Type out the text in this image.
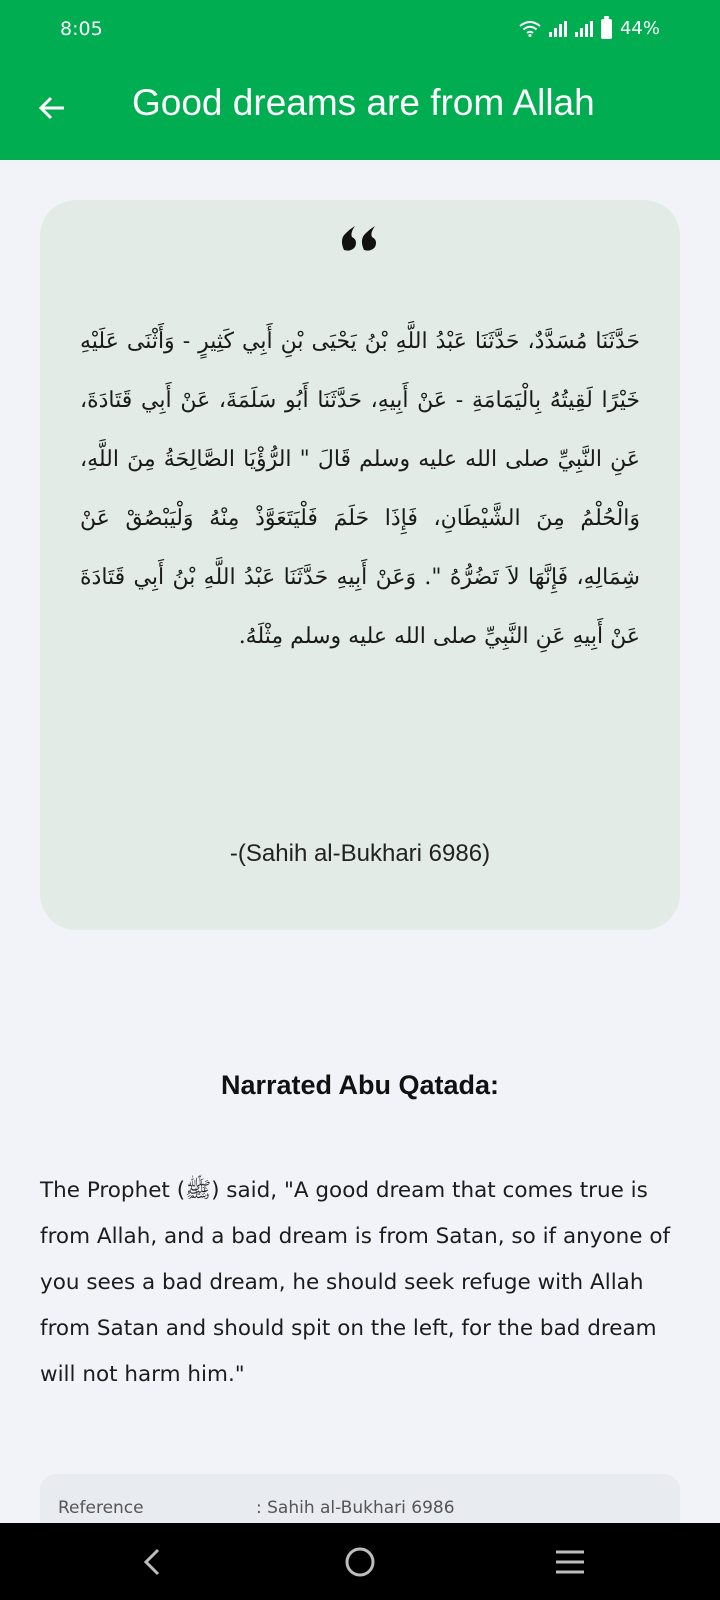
8:05	44%
Good dreams are from Allah
حَدَّثَنَا مُسَدَّدٌ، حَدَّثَنَا عَبْدُ اللَّهِ بْنُ يَحْيَى بْنِ أَبِي كَثِيرٍ - وَأَثْنَى عَلَيْهِ خَيْرًا لَقِيتُهُ بِالْيَمَامَةِ - عَنْ أَبِيهِ، حَدَّثَنَا أَبُو سَلَمَةَ، عَنْ أَبِي قَتَادَةَ، عَنِ النَّبِيِّ صلى الله عليه وسلم قَالَ " الرُّؤْيَا الصَّالِحَةُ مِنَ اللَّهِ، وَالْحُلْمُ مِنَ الشَّيْطَانِ، فَإِذَا حَلَمَ فَلْيَتَعَوَّذْ مِنْهُ وَلْيَبْصُقْ عَنْ شِمَالِهِ، فَإِنَّهَا لاَ تَضُرُّهُ ". وَعَنْ أَبِيهِ حَدَّثَنَا عَبْدُ اللَّهِ بْنُ أَبِي قَتَادَةَ عَنْ أَبِيهِ عَنِ النَّبِيِّ صلى الله عليه وسلم مِثْلَهُ.
-(Sahih al-Bukhari 6986)
Narrated Abu Qatada:
The Prophet (ﷺ) said, "A good dream that comes true is from Allah, and a bad dream is from Satan, so if anyone of you sees a bad dream, he should seek refuge with Allah from Satan and should spit on the left, for the bad dream will not harm him."
Reference	: Sahih al-Bukhari 6986
